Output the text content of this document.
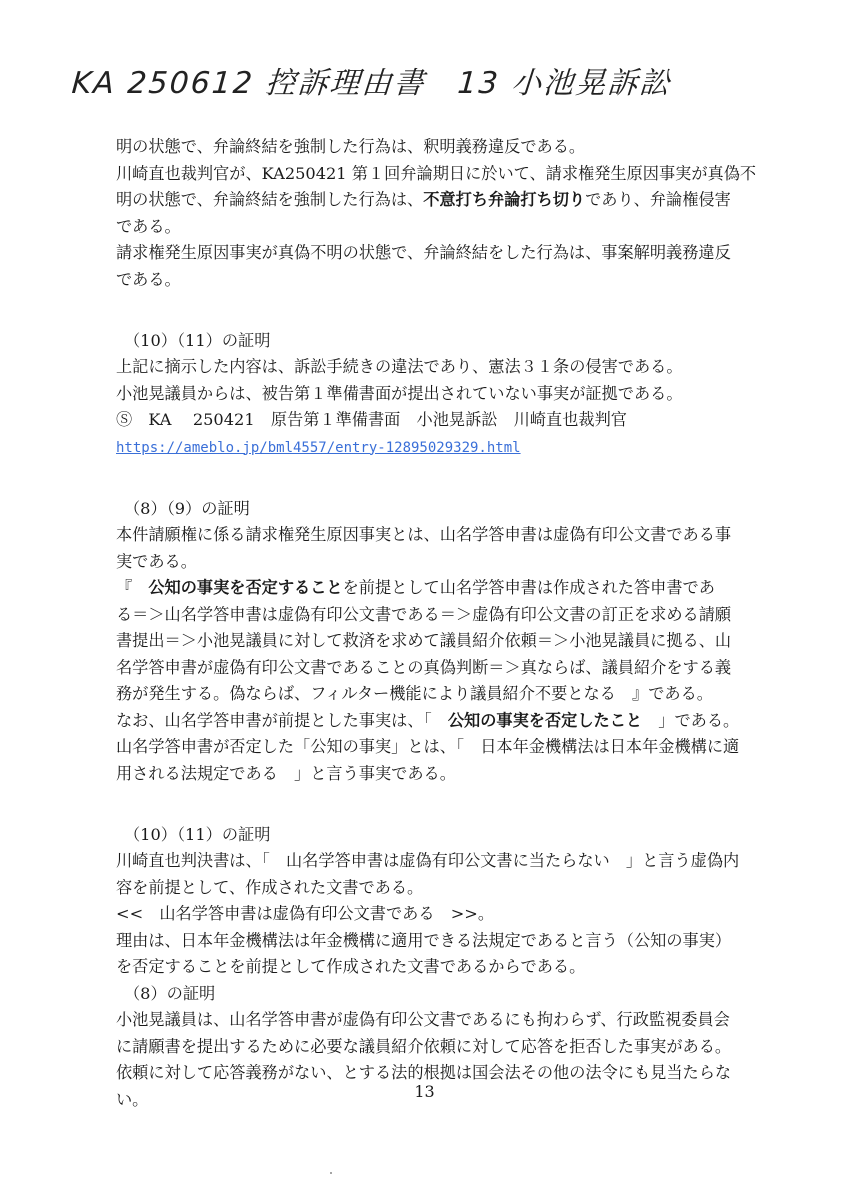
KA 250612 控訴理由書　13 小池晃訴訟
明の状態で、弁論終結を強制した行為は、釈明義務違反である。
川崎直也裁判官が、KA250421 第１回弁論期日に於いて、請求権発生原因事実が真偽不
明の状態で、弁論終結を強制した行為は、不意打ち弁論打ち切りであり、弁論権侵害
である。
請求権発生原因事実が真偽不明の状態で、弁論終結をした行為は、事案解明義務違反
である。
（10）（11）の証明
上記に摘示した内容は、訴訟手続きの違法であり、憲法３１条の侵害である。
小池晃議員からは、被告第１準備書面が提出されていない事実が証拠である。
Ⓢ　KA　 250421　原告第１準備書面　小池晃訴訟　川崎直也裁判官
https://ameblo.jp/bml4557/entry-12895029329.html
（8）（9）の証明
本件請願権に係る請求権発生原因事実とは、山名学答申書は虚偽有印公文書である事
実である。
『　公知の事実を否定することを前提として山名学答申書は作成された答申書であ
る＝＞山名学答申書は虚偽有印公文書である＝＞虚偽有印公文書の訂正を求める請願
書提出＝＞小池晃議員に対して救済を求めて議員紹介依頼＝＞小池晃議員に拠る、山
名学答申書が虚偽有印公文書であることの真偽判断＝＞真ならば、議員紹介をする義
務が発生する。偽ならば、フィルター機能により議員紹介不要となる　』である。
なお、山名学答申書が前提とした事実は、「　公知の事実を否定したこと　」である。
山名学答申書が否定した「公知の事実」とは、「　日本年金機構法は日本年金機構に適
用される法規定である　」と言う事実である。
（10）（11）の証明
川崎直也判決書は、「　山名学答申書は虚偽有印公文書に当たらない　」と言う虚偽内
容を前提として、作成された文書である。
<<　山名学答申書は虚偽有印公文書である　>>。
理由は、日本年金機構法は年金機構に適用できる法規定であると言う（公知の事実）
を否定することを前提として作成された文書であるからである。
（8）の証明
小池晃議員は、山名学答申書が虚偽有印公文書であるにも拘わらず、行政監視委員会
に請願書を提出するために必要な議員紹介依頼に対して応答を拒否した事実がある。
依頼に対して応答義務がない、とする法的根拠は国会法その他の法令にも見当たらな
い。	13
